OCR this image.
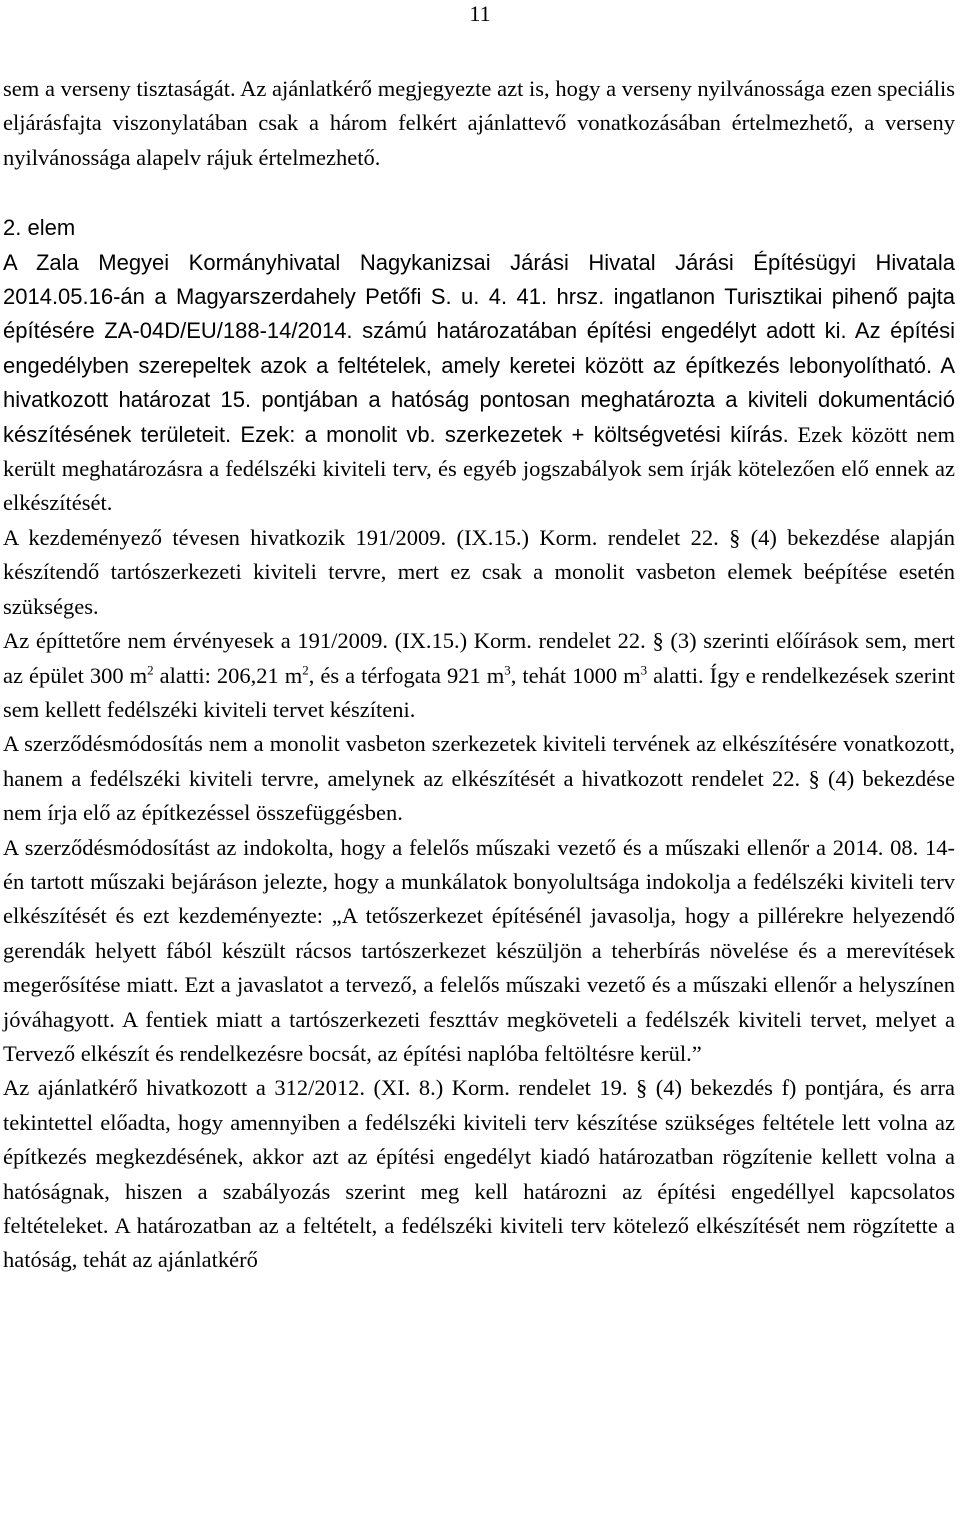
11

sem a verseny tisztaságát. Az ajánlatkérő megjegyezte azt is, hogy a verseny nyilvánossága ezen speciális eljárásfajta viszonylatában csak a három felkért ajánlattevő vonatkozásában értelmezhető, a verseny nyilvánossága alapelv rájuk értelmezhető.

2. elem

A Zala Megyei Kormányhivatal Nagykanizsai Járási Hivatal Járási Építésügyi Hivatala 2014.05.16-án a Magyarszerdahely Petőfi S. u. 4. 41. hrsz. ingatlanon Turisztikai pihenő pajta építésére ZA-04D/EU/188-14/2014. számú határozatában építési engedélyt adott ki. Az építési engedélyben szerepeltek azok a feltételek, amely keretei között az építkezés lebonyolítható. A hivatkozott határozat 15. pontjában a hatóság pontosan meghatározta a kiviteli dokumentáció készítésének területeit. Ezek: a monolit vb. szerkezetek + költségvetési kiírás. Ezek között nem került meghatározásra a fedélszéki kiviteli terv, és egyéb jogszabályok sem írják kötelezően elő ennek az elkészítését.

A kezdeményező tévesen hivatkozik 191/2009. (IX.15.) Korm. rendelet 22. § (4) bekezdése alapján készítendő tartószerkezeti kiviteli tervre, mert ez csak a monolit vasbeton elemek beépítése esetén szükséges.

Az építtetőre nem érvényesek a 191/2009. (IX.15.) Korm. rendelet 22. § (3) szerinti előírások sem, mert az épület 300 $m^2$ alatti: 206,21 $m^2$, és a térfogata 921 $m^3$, tehát 1000 $m^3$ alatti. Így e rendelkezések szerint sem kellett fedélszéki kiviteli tervet készíteni.

A szerződésmódosítás nem a monolit vasbeton szerkezetek kiviteli tervének az elkészítésére vonatkozott, hanem a fedélszéki kiviteli tervre, amelynek az elkészítését a hivatkozott rendelet 22. § (4) bekezdése nem írja elő az építkezéssel összefüggésben.

A szerződésmódosítást az indokolta, hogy a felelős műszaki vezető és a műszaki ellenőr a 2014. 08. 14-én tartott műszaki bejáráson jelezte, hogy a munkálatok bonyolultsága indokolja a fedélszéki kiviteli terv elkészítését és ezt kezdeményezte: „A tetőszerkezet építésénél javasolja, hogy a pillérekre helyezendő gerendák helyett fából készült rácsos tartószerkezet készüljön a teherbírás növelése és a merevítések megerősítése miatt. Ezt a javaslatot a tervező, a felelős műszaki vezető és a műszaki ellenőr a helyszínen jóváhagyott. A fentiek miatt a tartószerkezeti feszttáv megköveteli a fedélszék kiviteli tervet, melyet a Tervező elkészít és rendelkezésre bocsát, az építési naplóba feltöltésre kerül.”

Az ajánlatkérő hivatkozott a 312/2012. (XI. 8.) Korm. rendelet 19. § (4) bekezdés f) pontjára, és arra tekintettel előadta, hogy amennyiben a fedélszéki kiviteli terv készítése szükséges feltétele lett volna az építkezés megkezdésének, akkor azt az építési engedélyt kiadó határozatban rögzítenie kellett volna a hatóságnak, hiszen a szabályozás szerint meg kell határozni az építési engedéllyel kapcsolatos feltételeket. A határozatban az a feltételt, a fedélszéki kiviteli terv kötelező elkészítését nem rögzítette a hatóság, tehát az ajánlatkérő
